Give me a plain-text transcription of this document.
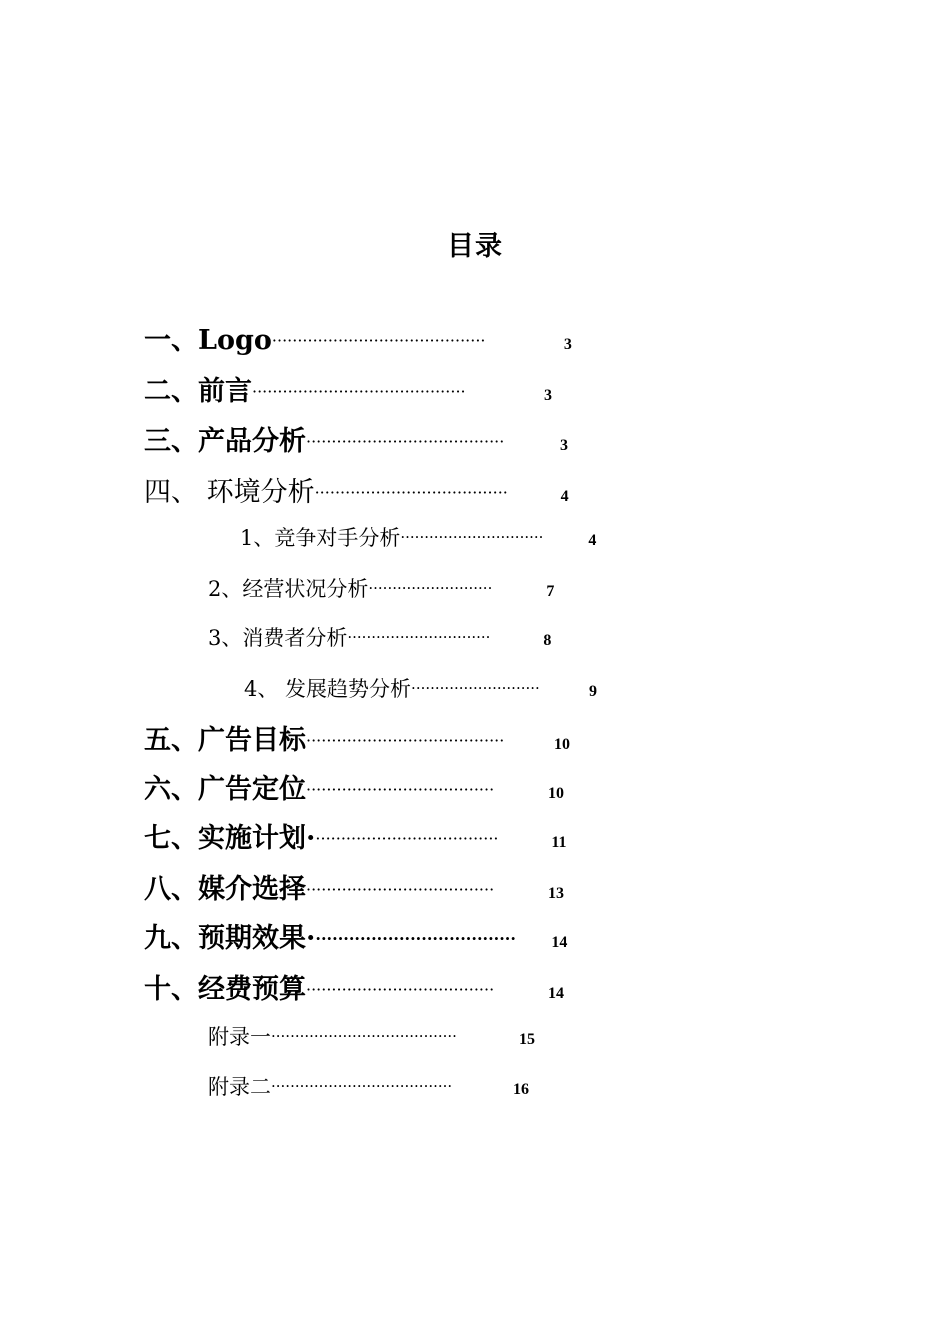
目录
一、Logo··········································	3
二、前言··········································	3
三、产品分析·······································	3
四、 环境分析······································	4
1、竞争对手分析······························	4
2、经营状况分析··························	7
3、消费者分析······························	8
4、 发展趋势分析···························	9
五、广告目标·······································	10
六、广告定位·····································	10
七、实施计划·····································	11
八、媒介选择·····································	13
九、预期效果····································· 14
十、经费预算·····································	14
附录一·······································	15
附录二······································	16
